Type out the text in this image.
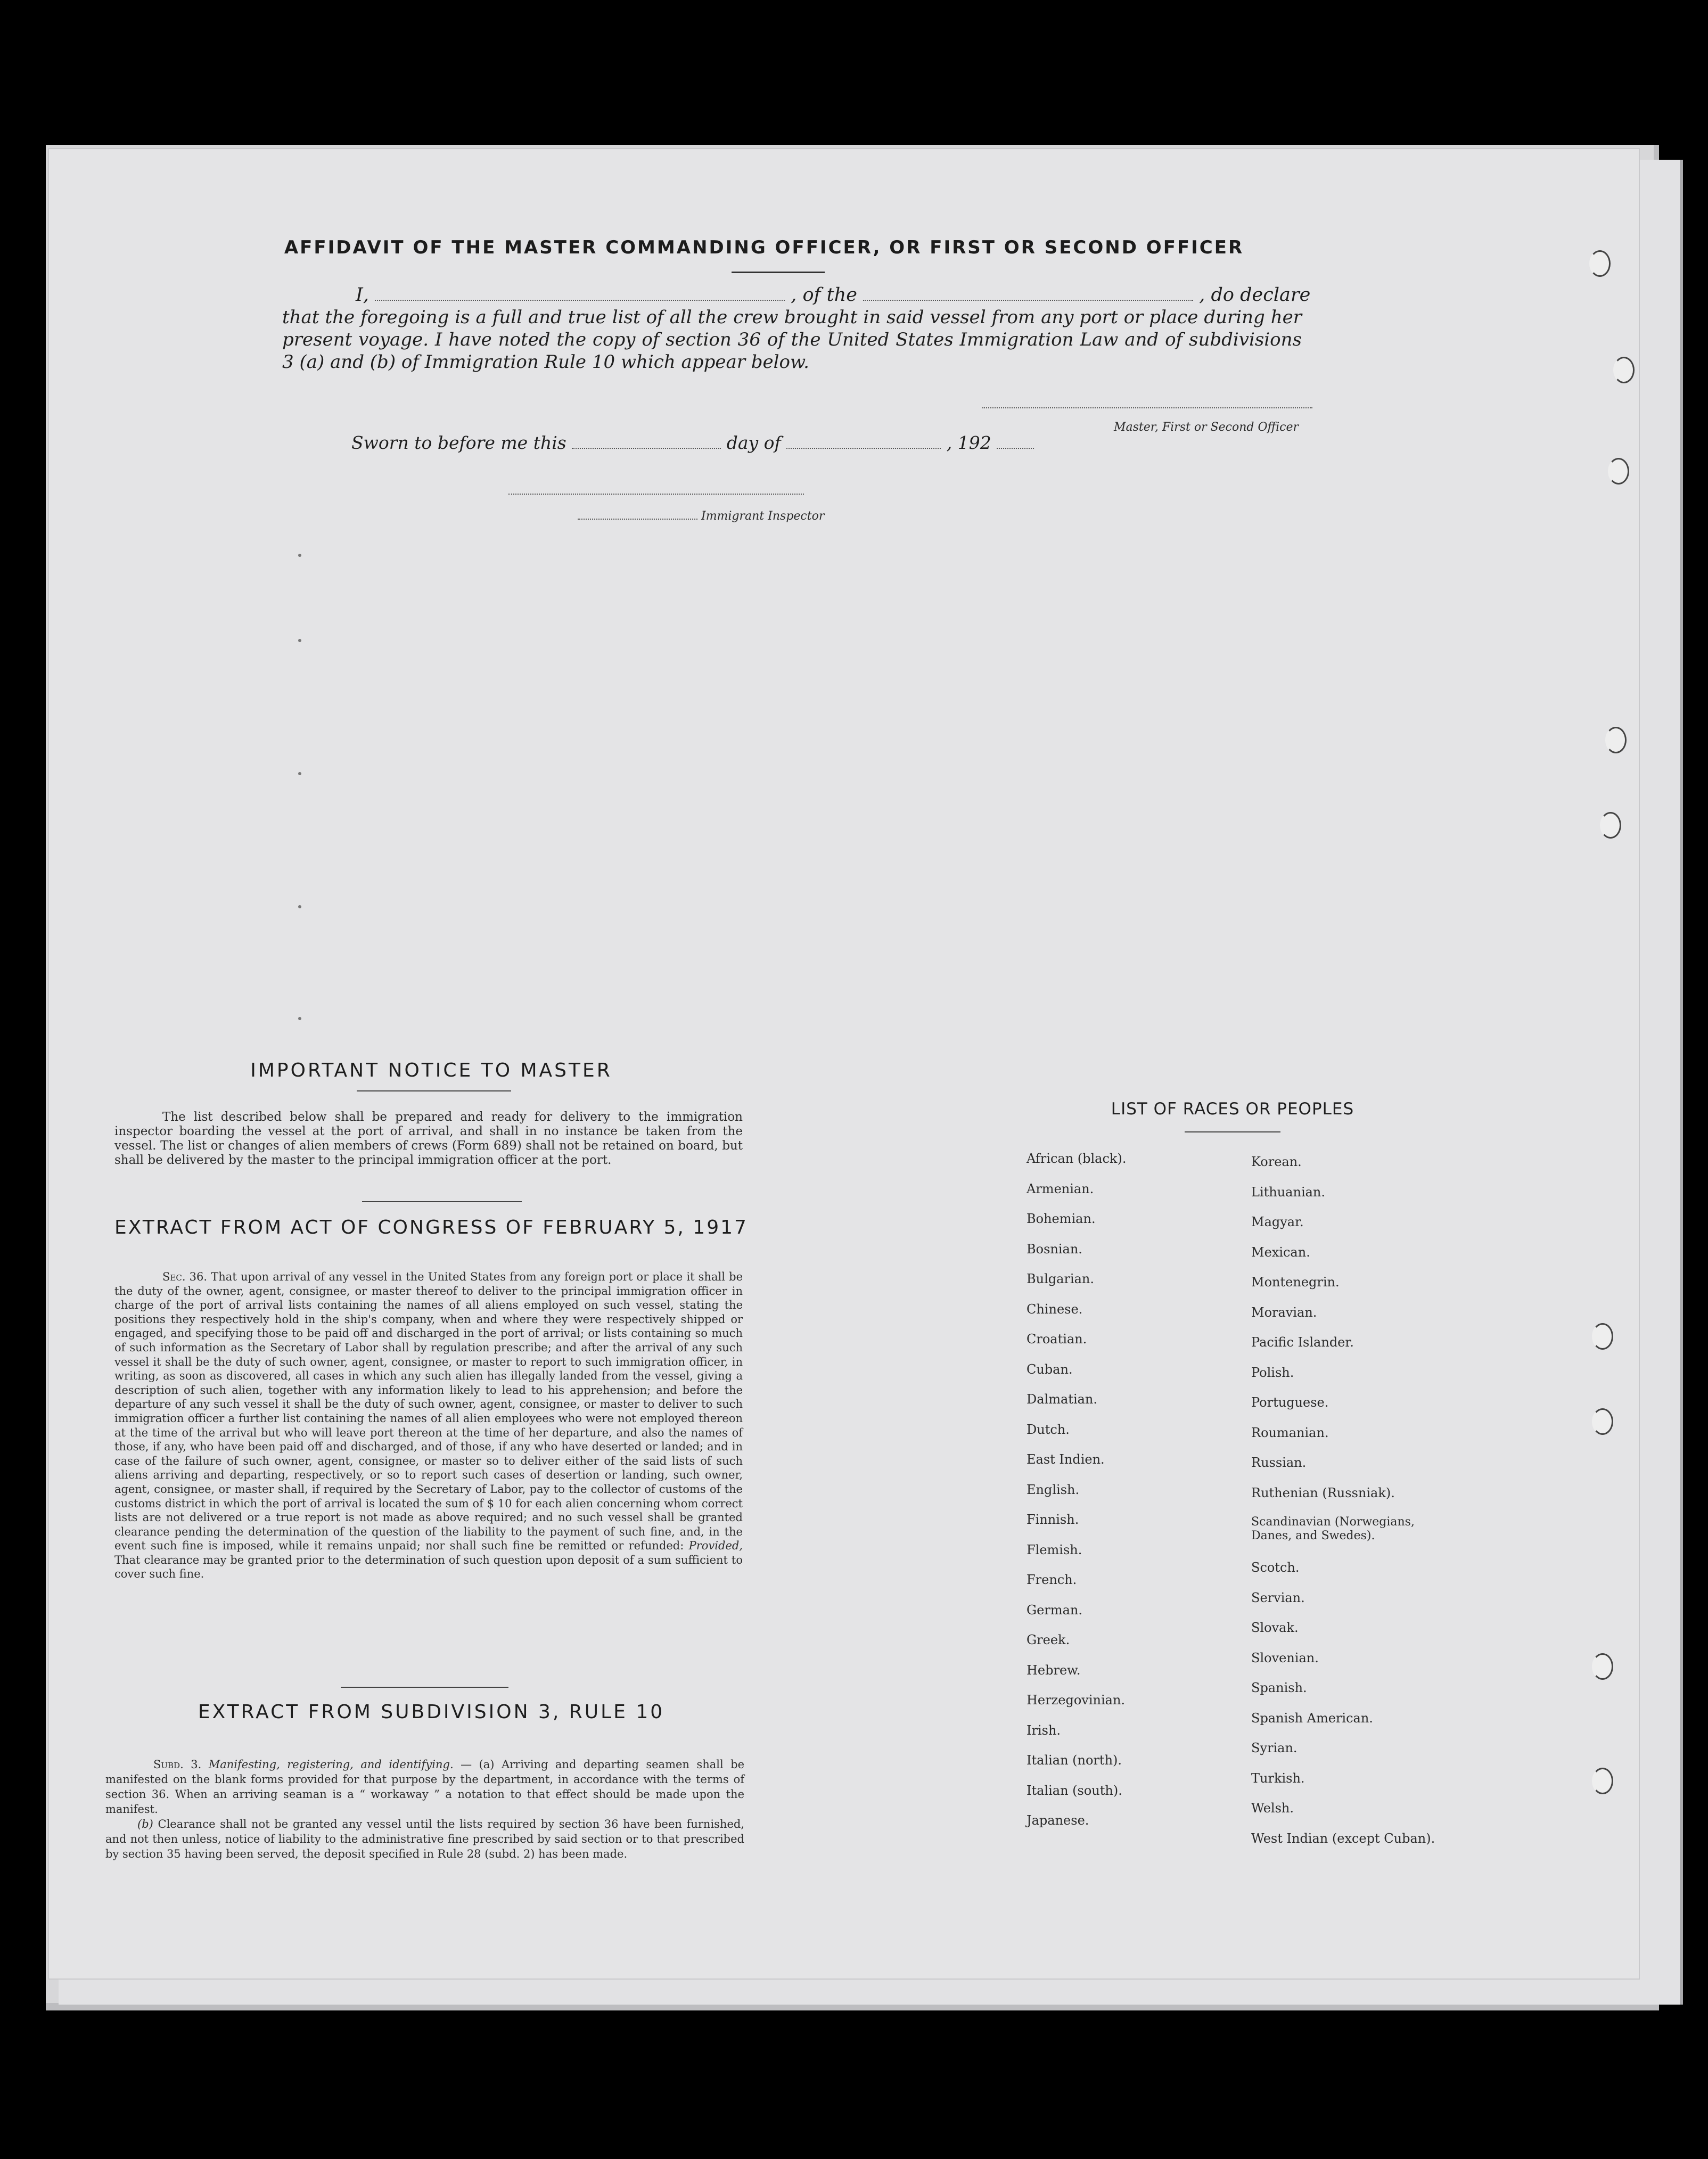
AFFIDAVIT OF THE MASTER COMMANDING OFFICER, OR FIRST OR SECOND OFFICER
I,	, of the	, do declare
that the foregoing is a full and true list of all the crew brought in said vessel from any port or place during her present voyage. I have noted the copy of section 36 of the United States Immigration Law and of subdivisions 3 (a) and (b) of Immigration Rule 10 which appear below.
Master, First or Second Officer
Sworn to before me this	day of	, 192
Immigrant Inspector
IMPORTANT NOTICE TO MASTER
The list described below shall be prepared and ready for delivery to the immigration inspector boarding the vessel at the port of arrival, and shall in no instance be taken from the vessel. The list or changes of alien members of crews (Form 689) shall not be retained on board, but shall be delivered by the master to the principal immigration officer at the port.
EXTRACT FROM ACT OF CONGRESS OF FEBRUARY 5, 1917
Sec. 36. That upon arrival of any vessel in the United States from any foreign port or place it shall be the duty of the owner, agent, consignee, or master thereof to deliver to the principal immigration officer in charge of the port of arrival lists containing the names of all aliens employed on such vessel, stating the positions they respectively hold in the ship's company, when and where they were respectively shipped or engaged, and specifying those to be paid off and discharged in the port of arrival; or lists containing so much of such information as the Secretary of Labor shall by regulation prescribe; and after the arrival of any such vessel it shall be the duty of such owner, agent, consignee, or master to report to such immigration officer, in writing, as soon as discovered, all cases in which any such alien has illegally landed from the vessel, giving a description of such alien, together with any information likely to lead to his apprehension; and before the departure of any such vessel it shall be the duty of such owner, agent, consignee, or master to deliver to such immigration officer a further list containing the names of all alien employees who were not employed thereon at the time of the arrival but who will leave port thereon at the time of her departure, and also the names of those, if any, who have been paid off and discharged, and of those, if any who have deserted or landed; and in case of the failure of such owner, agent, consignee, or master so to deliver either of the said lists of such aliens arriving and departing, respectively, or so to report such cases of desertion or landing, such owner, agent, consignee, or master shall, if required by the Secretary of Labor, pay to the collector of customs of the customs district in which the port of arrival is located the sum of $ 10 for each alien concerning whom correct lists are not delivered or a true report is not made as above required; and no such vessel shall be granted clearance pending the determination of the question of the liability to the payment of such fine, and, in the event such fine is imposed, while it remains unpaid; nor shall such fine be remitted or refunded: Provided, That clearance may be granted prior to the determination of such question upon deposit of a sum sufficient to cover such fine.
EXTRACT FROM SUBDIVISION 3, RULE 10
Subd. 3. Manifesting, registering, and identifying. — (a) Arriving and departing seamen shall be manifested on the blank forms provided for that purpose by the department, in accordance with the terms of section 36. When an arriving seaman is a “ workaway ” a notation to that effect should be made upon the manifest.
(b) Clearance shall not be granted any vessel until the lists required by section 36 have been furnished, and not then unless, notice of liability to the administrative fine prescribed by said section or to that prescribed by section 35 having been served, the deposit specified in Rule 28 (subd. 2) has been made.
LIST OF RACES OR PEOPLES
African (black).
Armenian.
Bohemian.
Bosnian.
Bulgarian.
Chinese.
Croatian.
Cuban.
Dalmatian.
Dutch.
East Indien.
English.
Finnish.
Flemish.
French.
German.
Greek.
Hebrew.
Herzegovinian.
Irish.
Italian (north).
Italian (south).
Japanese.
Korean.
Lithuanian.
Magyar.
Mexican.
Montenegrin.
Moravian.
Pacific Islander.
Polish.
Portuguese.
Roumanian.
Russian.
Ruthenian (Russniak).
Scandinavian (Norwegians, Danes, and Swedes).
Scotch.
Servian.
Slovak.
Slovenian.
Spanish.
Spanish American.
Syrian.
Turkish.
Welsh.
West Indian (except Cuban).
